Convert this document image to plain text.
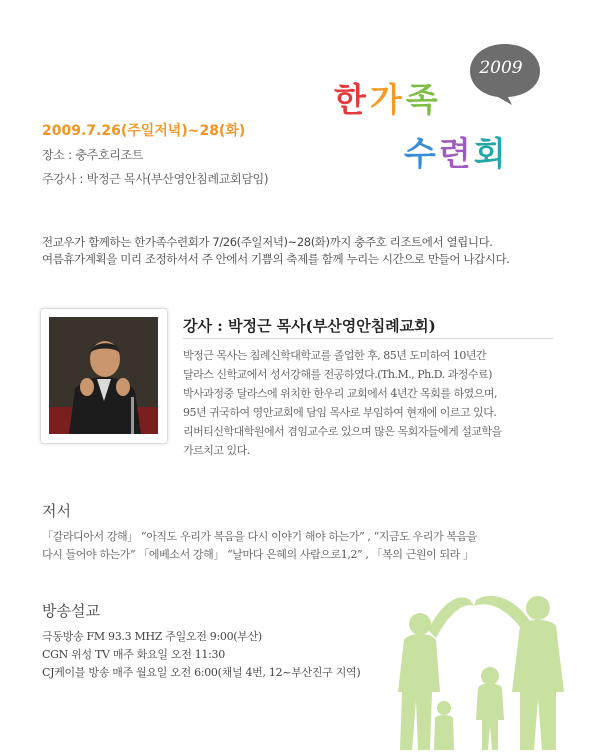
2009
한가족
수련회
2009.7.26(주일저녁)~28(화)
장소 : 충주호리조트
주강사 : 박정근 목사(부산영안침례교회담임)
전교우가 함께하는 한가족수련회가 7/26(주일저녁)~28(화)까지 충주호 리조트에서 열립니다.
여름휴가계획을 미리 조정하셔서 주 안에서 기쁨의 축제를 함께 누리는 시간으로 만들어 나갑시다.
강사 : 박정근 목사(부산영안침례교회)
박정근 목사는 침례신학대학교를 졸업한 후, 85년 도미하여 10년간
달라스 신학교에서 성서강해를 전공하였다.(Th.M., Ph.D. 과정수료)
박사과정중 달라스에 위치한 한우리 교회에서 4년간 목회를 하였으며,
95년 귀국하여 영안교회에 담임 목사로 부임하여 현재에 이르고 있다.
리버티신학대학원에서 겸임교수로 있으며 많은 목회자들에게 설교학을
가르치고 있다.
저서
「갈라디아서 강해」 “아직도 우리가 복음을 다시 이야기 해야 하는가” , “지금도 우리가 복음을
다시 들어야 하는가” 「에베소서 강해」 “날마다 은혜의 사람으로1,2” , 「복의 근원이 되라 」
방송설교
극동방송 FM 93.3 MHZ 주일오전 9:00(부산)
CGN 위성 TV 매주 화요일 오전 11:30
CJ케이블 방송 매주 월요일 오전 6:00(채널 4번, 12~부산진구 지역)
